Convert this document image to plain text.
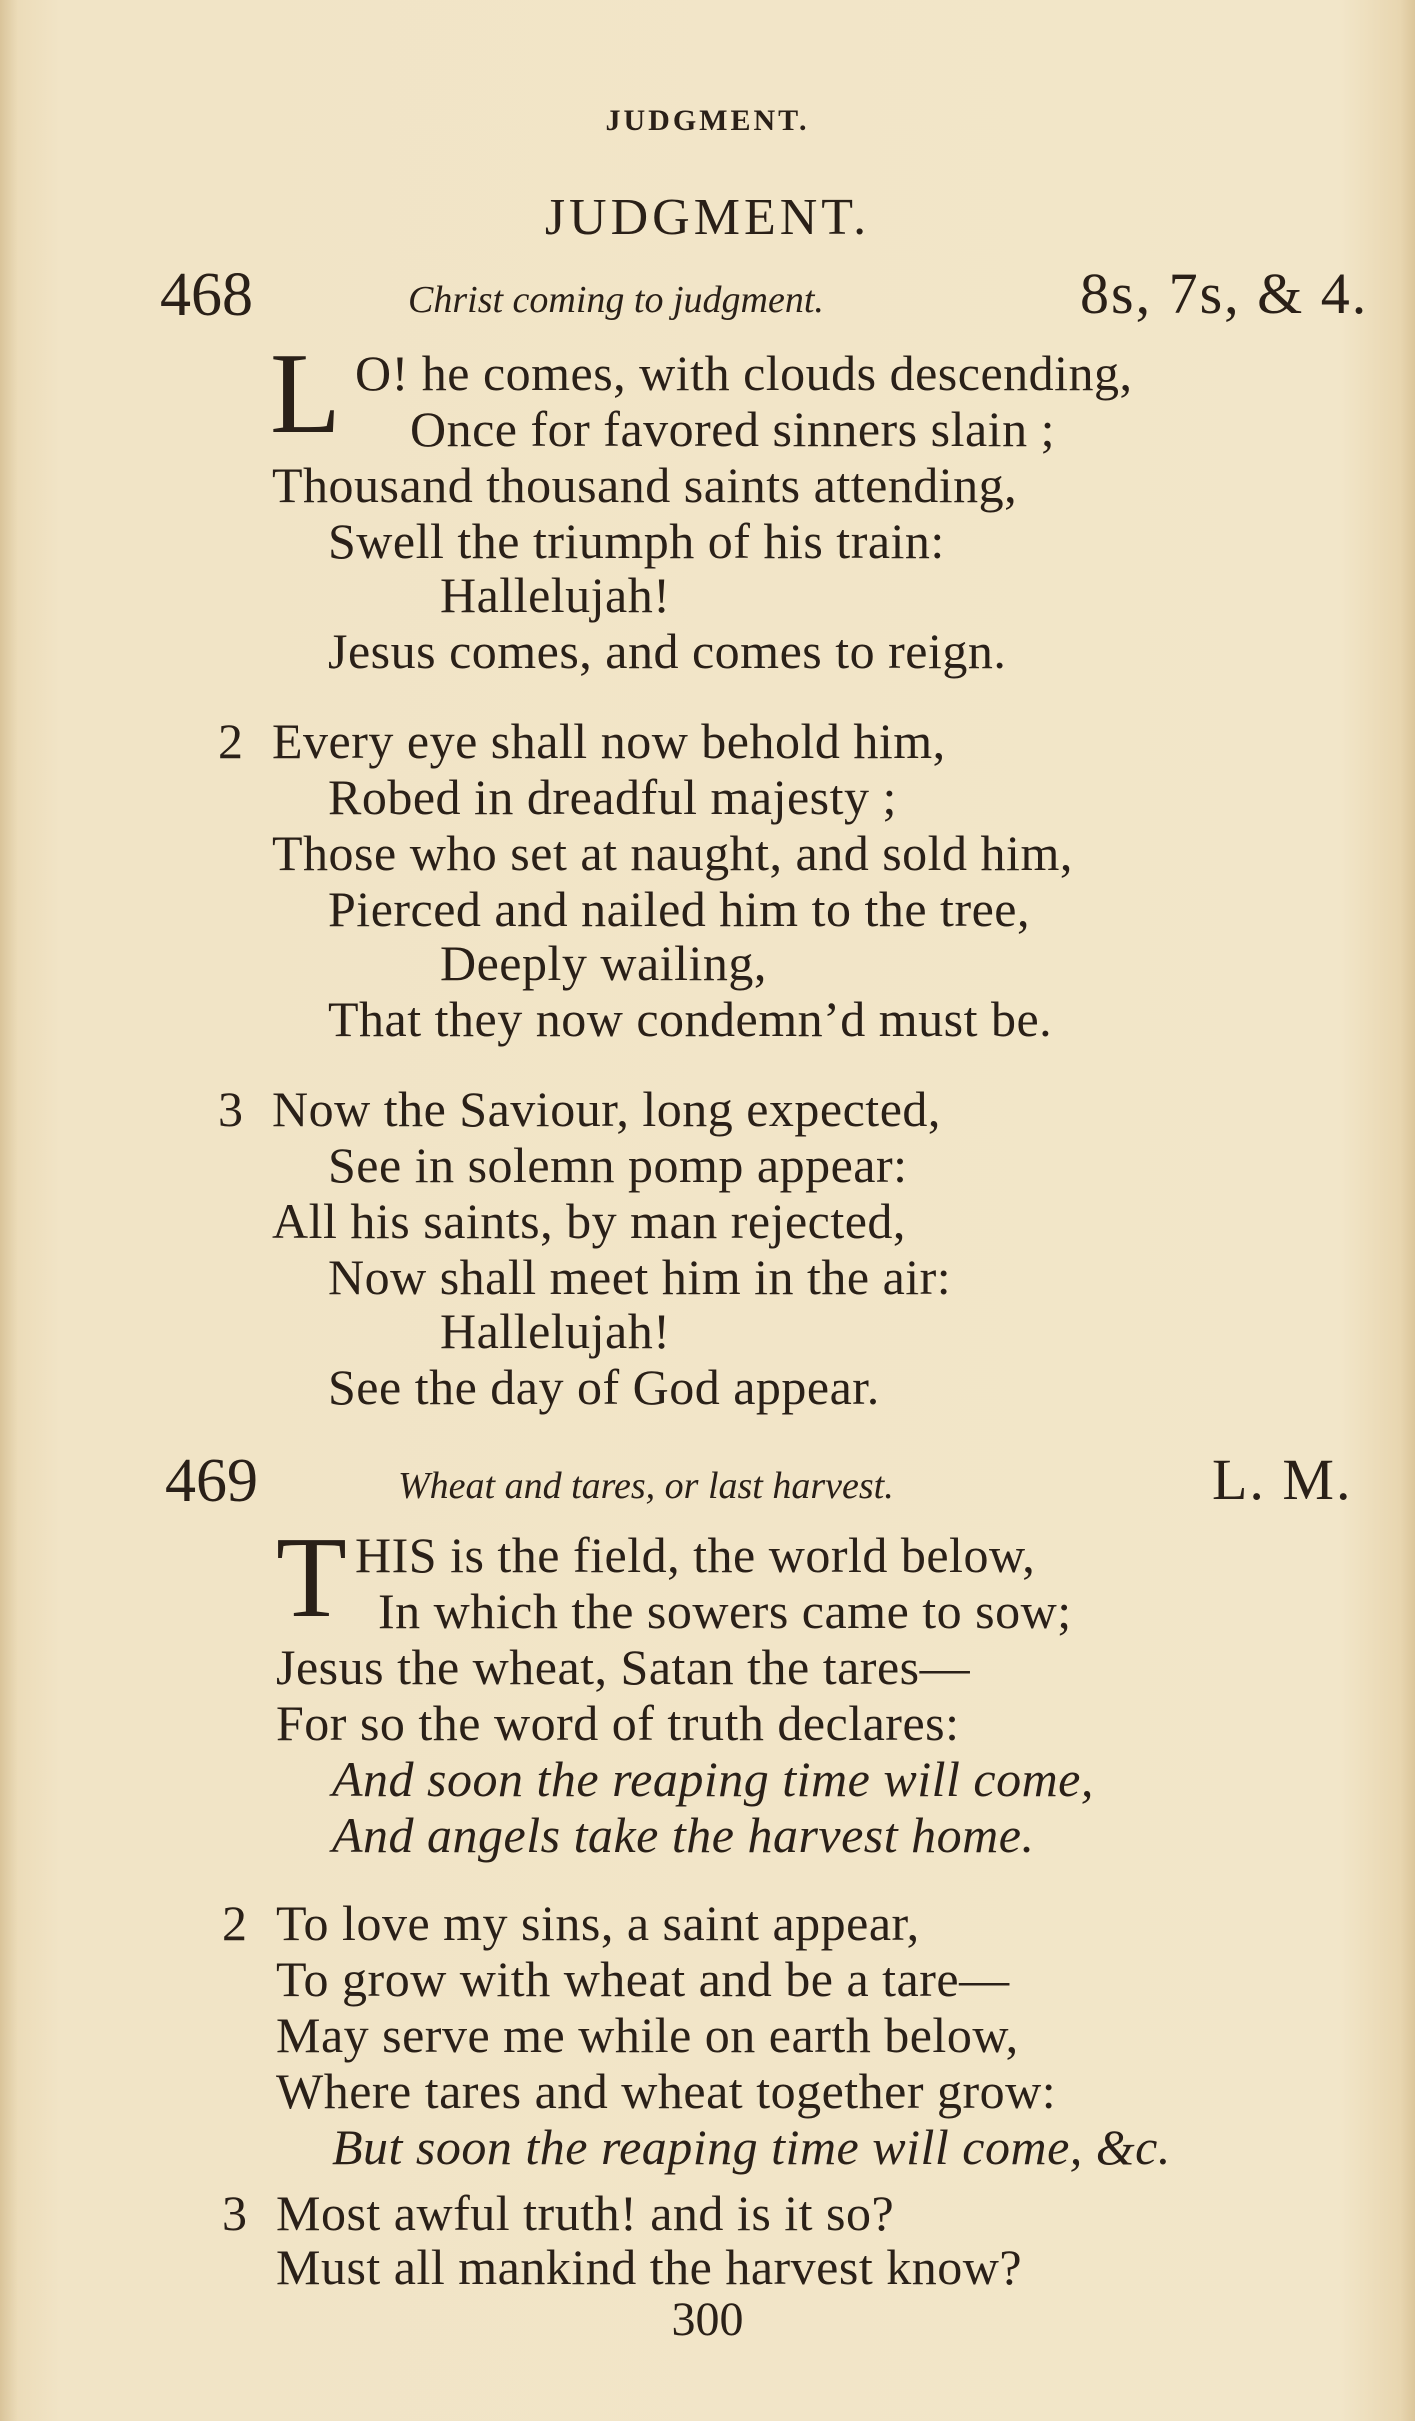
JUDGMENT.
JUDGMENT.
468	Christ coming to judgment.	8s, 7s, & 4.
L O! he comes, with clouds descending,
Once for favored sinners slain ;
Thousand thousand saints attending,
Swell the triumph of his train:
Hallelujah!
Jesus comes, and comes to reign.
2 Every eye shall now behold him,
Robed in dreadful majesty ;
Those who set at naught, and sold him,
Pierced and nailed him to the tree,
Deeply wailing,
That they now condemn’d must be.
3 Now the Saviour, long expected,
See in solemn pomp appear:
All his saints, by man rejected,
Now shall meet him in the air:
Hallelujah!
See the day of God appear.
469	Wheat and tares, or last harvest.	L. M.
T HIS is the field, the world below,
In which the sowers came to sow;
Jesus the wheat, Satan the tares—
For so the word of truth declares:
And soon the reaping time will come,
And angels take the harvest home.
2 To love my sins, a saint appear,
To grow with wheat and be a tare—
May serve me while on earth below,
Where tares and wheat together grow:
But soon the reaping time will come, &c.
3 Most awful truth! and is it so?
Must all mankind the harvest know?
300
